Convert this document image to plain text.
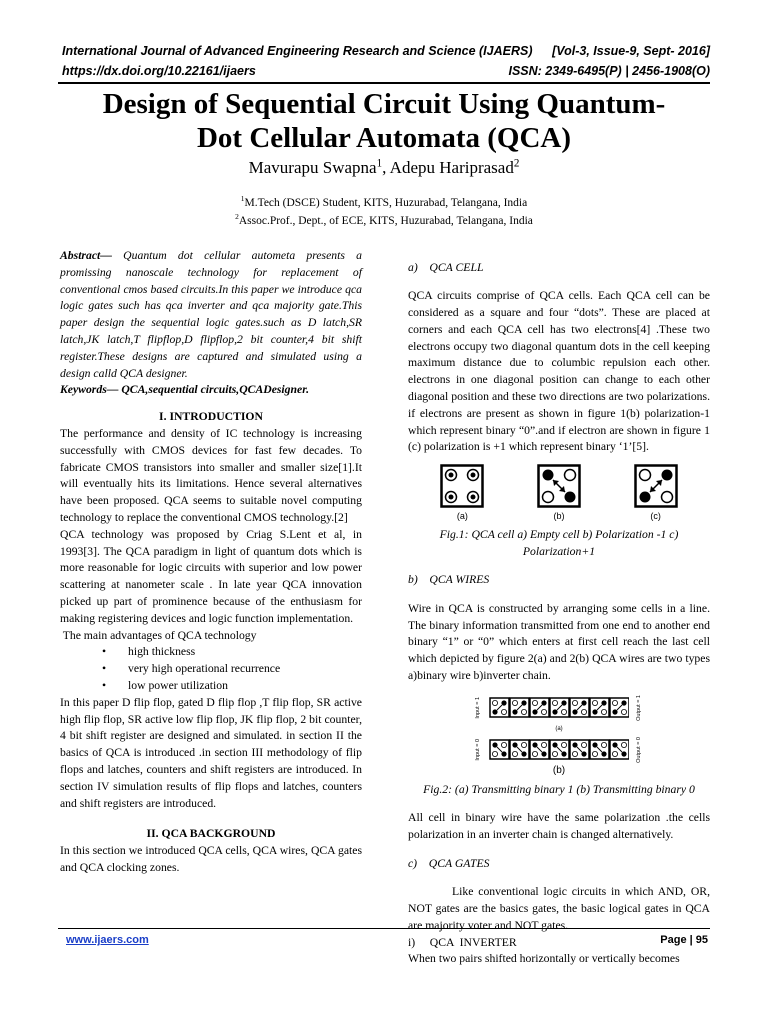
International Journal of Advanced Engineering Research and Science (IJAERS) [Vol-3, Issue-9, Sept- 2016]
https://dx.doi.org/10.22161/ijaers	ISSN: 2349-6495(P) | 2456-1908(O)
Design of Sequential Circuit Using Quantum-
Dot Cellular Automata (QCA)
Mavurapu Swapna$^1$, Adepu Hariprasad$^2$
$^1$M.Tech (DSCE) Student, KITS, Huzurabad, Telangana, India
$^2$Assoc.Prof., Dept., of ECE, KITS, Huzurabad, Telangana, India

Abstract— Quantum dot cellular autometa presents a promissing nanoscale technology for replacement of conventional cmos based circuits.In this paper we introduce qca logic gates such has qca inverter and qca majority gate.This paper design the sequential logic gates.such as D latch,SR latch,JK latch,T flipflop,D flipflop,2 bit counter,4 bit shift register.These designs are captured and simulated using a design calld QCA designer.

Keywords— QCA,sequential circuits,QCADesigner.

I. INTRODUCTION

The performance and density of IC technology is increasing successfully with CMOS devices for fast few decades. To fabricate CMOS transistors into smaller and smaller size[1].It will eventually hits its limitations. Hence several alternatives have been proposed. QCA seems to suitable novel computing technology to replace the conventional CMOS technology.[2]

QCA technology was proposed by Criag S.Lent et al, in 1993[3]. The QCA paradigm in light of quantum dots which is more reasonable for logic circuits with superior and low power scattering at nanometer scale . In late year QCA innovation picked up part of prominence because of the enthusiasm for making registering devices and logic function implementation.

The main advantages of QCA technology

• high thickness
• very high operational recurrence
• low power utilization

In this paper D flip flop, gated D flip flop ,T flip flop, SR active high flip flop, SR active low flip flop, JK flip flop, 2 bit counter, 4 bit shift register are designed and simulated. in section II the basics of QCA is introduced .in section III methodology of flip flops and latches, counters and shift registers are introduced. In section IV simulation results of flip flops and latches, counters and shift registers are introduced.

II. QCA BACKGROUND

In this section we introduced QCA cells, QCA wires, QCA gates and QCA clocking zones.

a)    QCA CELL

QCA circuits comprise of QCA cells. Each QCA cell can be considered as a square and four “dots”. These are placed at corners and each QCA cell has two electrons[4] .These two electrons occupy two diagonal quantum dots in the cell keeping maximum distance due to columbic repulsion each other. electrons in one diagonal position can change to each other diagonal position and these two directions are two polarizations. if electrons are present as shown in figure 1(b) polarization-1 which represent binary “0”.and if electron are shown in figure 1 (c) polarization is +1 which represent binary ‘1’[5].

(a)	(b)	(c)

Fig.1: QCA cell a) Empty cell b) Polarization -1 c) Polarization+1

b)    QCA WIRES

Wire in QCA is constructed by arranging some cells in a line. The binary information transmitted from one end to another end binary “1” or “0” which enters at first cell reach the last cell which depicted by figure 2(a) and 2(b) QCA wires are two types a)binary wire b)inverter chain.

Input = 1	Output = 1
(a)
Input = 0	Output = 0
(b)

Fig.2: (a) Transmitting binary 1 (b) Transmitting binary 0

All cell in binary wire have the same polarization .the cells polarization in an inverter chain is changed alternatively.

c)    QCA GATES

Like conventional logic circuits in which AND, OR, NOT gates are the basics gates, the basic logical gates in QCA are majority voter and NOT gates.

i)     QCA  INVERTER

When two pairs shifted horizontally or vertically becomes

www.ijaers.com	Page | 95
